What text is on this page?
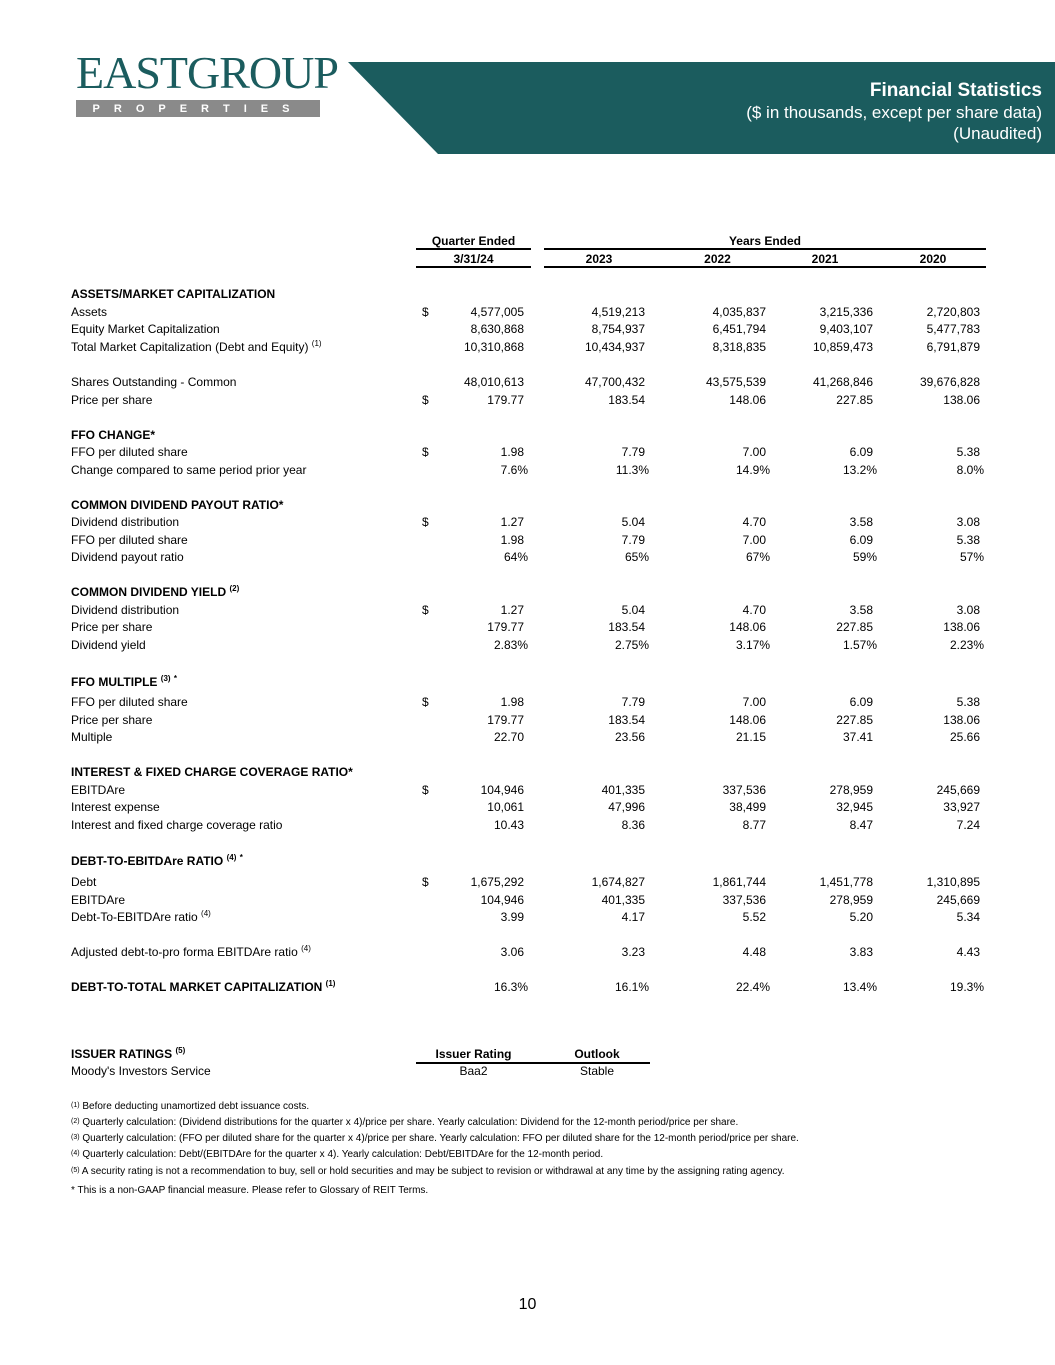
EASTGROUP
PROPERTIES
Financial Statistics
($ in thousands, except per share data)
(Unaudited)
Quarter Ended	Years Ended
3/31/24	2023	2022	2021	2020
ASSETS/MARKET CAPITALIZATION
Assets	$	4,577,005	4,519,213	4,035,837	3,215,336	2,720,803
Equity Market Capitalization	8,630,868	8,754,937	6,451,794	9,403,107	5,477,783
Total Market Capitalization (Debt and Equity) $^{(1)}$	10,310,868	10,434,937	8,318,835	10,859,473	6,791,879
Shares Outstanding - Common	48,010,613	47,700,432	43,575,539	41,268,846	39,676,828
Price per share	$	179.77	183.54	148.06	227.85	138.06
FFO CHANGE*
FFO per diluted share	$	1.98	7.79	7.00	6.09	5.38
Change compared to same period prior year	7.6%	11.3%	14.9%	13.2%	8.0%
COMMON DIVIDEND PAYOUT RATIO*
Dividend distribution	$	1.27	5.04	4.70	3.58	3.08
FFO per diluted share	1.98	7.79	7.00	6.09	5.38
Dividend payout ratio	64%	65%	67%	59%	57%
COMMON DIVIDEND YIELD $^{(2)}$
Dividend distribution	$	1.27	5.04	4.70	3.58	3.08
Price per share	179.77	183.54	148.06	227.85	138.06
Dividend yield	2.83%	2.75%	3.17%	1.57%	2.23%
FFO MULTIPLE $^{(3)}$ *
FFO per diluted share	$	1.98	7.79	7.00	6.09	5.38
Price per share	179.77	183.54	148.06	227.85	138.06
Multiple	22.70	23.56	21.15	37.41	25.66
INTEREST & FIXED CHARGE COVERAGE RATIO*
EBITDAre	$	104,946	401,335	337,536	278,959	245,669
Interest expense	10,061	47,996	38,499	32,945	33,927
Interest and fixed charge coverage ratio	10.43	8.36	8.77	8.47	7.24
DEBT-TO-EBITDAre RATIO $^{(4)}$ *
Debt	$	1,675,292	1,674,827	1,861,744	1,451,778	1,310,895
EBITDAre	104,946	401,335	337,536	278,959	245,669
Debt-To-EBITDAre ratio $^{(4)}$	3.99	4.17	5.52	5.20	5.34
Adjusted debt-to-pro forma EBITDAre ratio $^{(4)}$	3.06	3.23	4.48	3.83	4.43
DEBT-TO-TOTAL MARKET CAPITALIZATION $^{(1)}$	16.3%	16.1%	22.4%	13.4%	19.3%
ISSUER RATINGS $^{(5)}$	Issuer Rating	Outlook
Moody's Investors Service	Baa2	Stable
$^{(1)}$ Before deducting unamortized debt issuance costs.
$^{(2)}$ Quarterly calculation: (Dividend distributions for the quarter x 4)/price per share. Yearly calculation: Dividend for the 12-month period/price per share.
$^{(3)}$ Quarterly calculation: (FFO per diluted share for the quarter x 4)/price per share. Yearly calculation: FFO per diluted share for the 12-month period/price per share.
$^{(4)}$ Quarterly calculation: Debt/(EBITDAre for the quarter x 4). Yearly calculation: Debt/EBITDAre for the 12-month period.
$^{(5)}$ A security rating is not a recommendation to buy, sell or hold securities and may be subject to revision or withdrawal at any time by the assigning rating agency.
* This is a non-GAAP financial measure. Please refer to Glossary of REIT Terms.
10
